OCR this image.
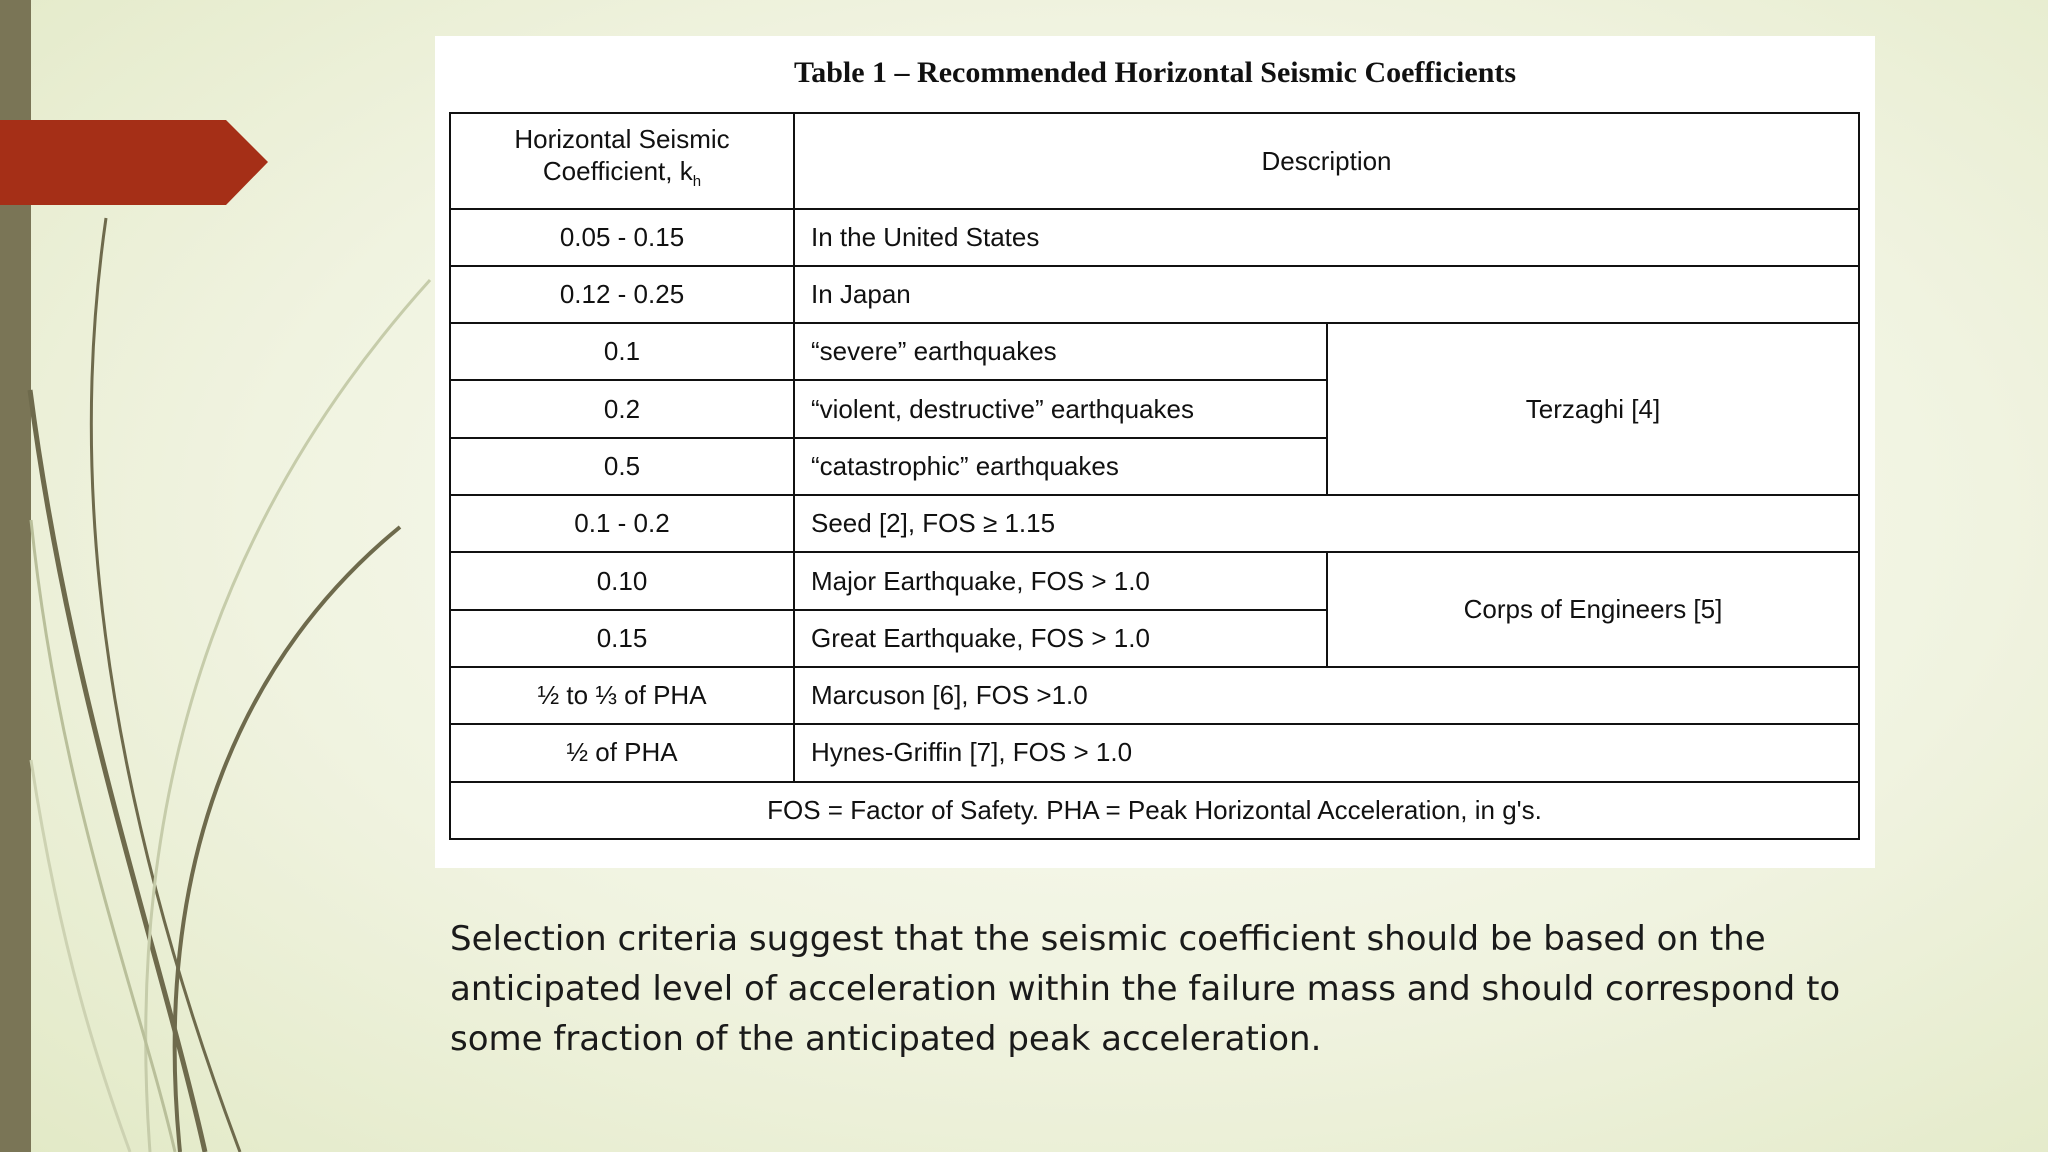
Table 1 – Recommended Horizontal Seismic Coefficients
Horizontal Seismic
Coefficient, $k_h$	Description	
0.05 - 0.15	In the United States	
0.12 - 0.25	In Japan	
0.1	“severe” earthquakes	Terzaghi [4]
0.2	“violent, destructive” earthquakes	
0.5	“catastrophic” earthquakes	
0.1 - 0.2	Seed [2], FOS ≥ 1.15	
0.10	Major Earthquake, FOS > 1.0	Corps of Engineers [5]
0.15	Great Earthquake, FOS > 1.0	
½ to ⅓ of PHA	Marcuson [6], FOS >1.0	
½ of PHA	Hynes-Griffin [7], FOS > 1.0	
FOS = Factor of Safety. PHA = Peak Horizontal Acceleration, in g's.		

Selection criteria suggest that the seismic coefficient should be based on the anticipated level of acceleration within the failure mass and should correspond to some fraction of the anticipated peak acceleration.
